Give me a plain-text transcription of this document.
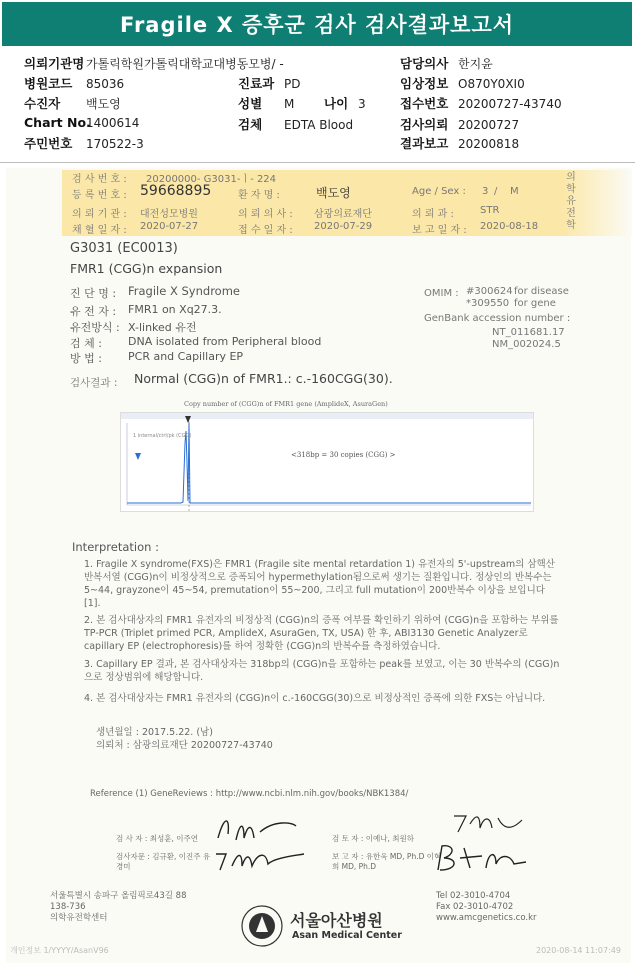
Fragile X 증후군 검사 검사결과보고서
의뢰기관명 가톨릭학원가톨릭대학교대병동모병/ -
병원코드 85036
수진자 백도영
Chart No.1400614
주민번호 170522-3
진료과 PD
성별 M 나이 3
검체 EDTA Blood
담당의사 한지윤
임상정보 O870Y0XI0
접수번호 20200727-43740
검사의뢰 20200727
결과보고 20200818
검 사 번 호 : 20200000- G3031-ㅣ- 224
등 록 번 호 : 59668895	환 자 명 :	백도영	Age / Sex : 3 / M
의 뢰 기 관 : 대전성모병원	의 뢰 의 사 : 삼광의료재단	의 뢰 과 :	STR
채 혈 일 자 : 2020-07-27	접 수 일 자 : 2020-07-29	보 고 일 자 : 2020-08-18
의학유전학
G3031 (EC0013)
FMR1 (CGG)n expansion
진 단 명 : Fragile X Syndrome
유 전 자 : FMR1 on Xq27.3.
유전방식 : X-linked 유전
검 체 : DNA isolated from Peripheral blood
방 법 : PCR and Capillary EP
OMIM : #300624 for disease
*309550 for gene
GenBank accession number :
NT_011681.17
NM_002024.5
검사결과 : Normal (CGG)n of FMR1.: c.-160CGG(30).
Copy number of (CGG)n of FMR1 gene (AmplideX, AsuraGen)
1 internal/ctrl/pk (CGG)
<318bp = 30 copies (CGG) >
Interpretation :
1. Fragile X syndrome(FXS)은 FMR1 (Fragile site mental retardation 1) 유전자의 5'-upstream의 삼핵산 반복서열 (CGG)n이 비정상적으로 증폭되어 hypermethylation됨으로써 생기는 질환입니다. 정상인의 반복수는 5~44, grayzone이 45~54, premutation이 55~200, 그리고 full mutation이 200반복수 이상을 보입니다 [1].
2. 본 검사대상자의 FMR1 유전자의 비정상적 (CGG)n의 증폭 여부를 확인하기 위하여 (CGG)n을 포함하는 부위를 TP-PCR (Triplet primed PCR, AmplideX, AsuraGen, TX, USA) 한 후, ABI3130 Genetic Analyzer로 capillary EP (electrophoresis)를 하여 정확한 (CGG)n의 반복수를 측정하였습니다.
3. Capillary EP 결과, 본 검사대상자는 318bp의 (CGG)n을 포함하는 peak를 보였고, 이는 30 반복수의 (CGG)n으로 정상범위에 해당합니다.
4. 본 검사대상자는 FMR1 유전자의 (CGG)n이 c.-160CGG(30)으로 비정상적인 증폭에 의한 FXS는 아닙니다.
생년월일 : 2017.5.22. (남)
의뢰처 : 삼광의료재단 20200727-43740
Reference (1) GeneReviews : http://www.ncbi.nlm.nih.gov/books/NBK1384/
검 사 자 : 최성훈, 이주연	검 토 자 : 이예나, 최원하
검사자문 : 김규환, 이진주 유경미
보 고 자 : 유한욱 MD, Ph.D 이혁희 MD, Ph.D
서울특별시 송파구 올림픽로43길 88
138-736
의학유전학센터	서울아산병원
Asan Medical Center
Tel 02-3010-4704
Fax 02-3010-4702
www.amcgenetics.co.kr
개인정보 1/YYYY/AsanV96	2020-08-14 11:07:49
